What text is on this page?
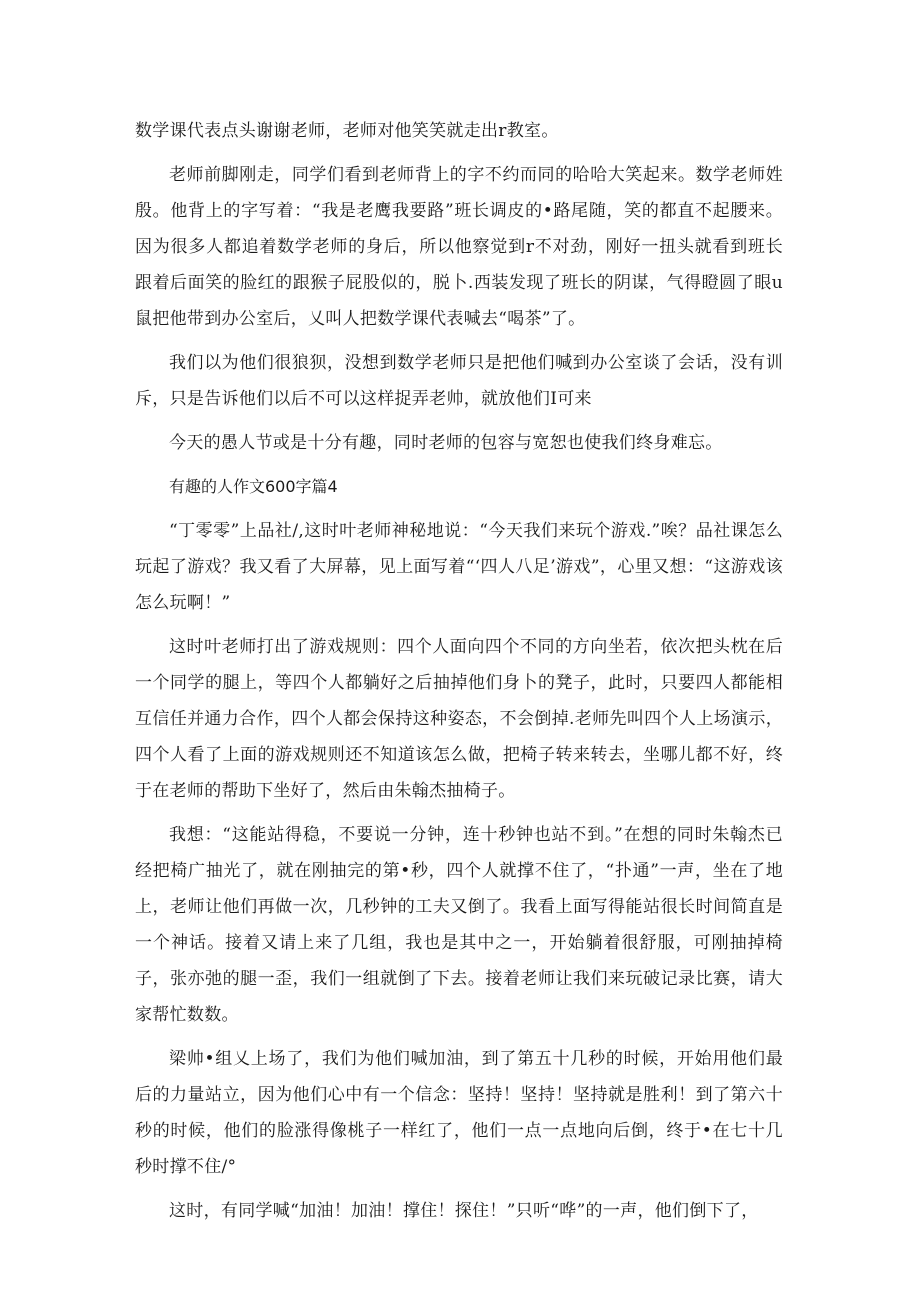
数学课代表点头谢谢老师，老师对他笑笑就走出r教室。

老师前脚刚走，同学们看到老师背上的字不约而同的哈哈大笑起来。数学老师姓殷。他背上的字写着：“我是老鹰我要路”班长调皮的•路尾随，笑的都直不起腰来。因为很多人都追着数学老师的身后，所以他察觉到r不对劲，刚好一扭头就看到班长跟着后面笑的脸红的跟猴子屁股似的，脱卜.西装发现了班长的阴谋，气得瞪圆了眼u鼠把他带到办公室后，乂叫人把数学课代表喊去“喝茶”了。

我们以为他们很狼狈，没想到数学老师只是把他们喊到办公室谈了会话，没有训斥，只是告诉他们以后不可以这样捉弄老帅，就放他们I可来

今天的愚人节或是十分有趣，同时老师的包容与宽恕也使我们终身难忘。

有趣的人作文600字篇4

“丁零零”上品社/,这时叶老师神秘地说：“今天我们来玩个游戏.”唉？品社课怎么玩起了游戏？我又看了大屏幕，见上面写着“‘四人八足’游戏”，心里又想：“这游戏该怎么玩啊！”

这时叶老师打出了游戏规则：四个人面向四个不同的方向坐若，依次把头枕在后一个同学的腿上，等四个人都躺好之后抽掉他们身卜的凳子，此时，只要四人都能相互信任并通力合作，四个人都会保持这种姿态，不会倒掉.老师先叫四个人上场演示，四个人看了上面的游戏规则还不知道该怎么做，把椅子转来转去，坐哪儿都不好，终于在老师的帮助下坐好了，然后由朱翰杰抽椅子。

我想：“这能站得稳，不要说一分钟，连十秒钟也站不到。”在想的同时朱翰杰已经把椅广抽光了，就在刚抽完的第•秒，四个人就撑不住了，“扑通”一声，坐在了地上，老师让他们再做一次，几秒钟的工夫又倒了。我看上面写得能站很长时间简直是一个神话。接着又请上来了几组，我也是其中之一，开始躺着很舒服，可刚抽掉椅子，张亦弛的腿一歪，我们一组就倒了下去。接着老师让我们来玩破记录比赛，请大家帮忙数数。

梁帅•组乂上场了，我们为他们喊加油，到了第五十几秒的时候，开始用他们最后的力量站立，因为他们心中有一个信念：坚持！坚持！坚持就是胜利！到了第六十秒的时候，他们的脸涨得像桃子一样红了，他们一点一点地向后倒，终于•在七十几秒时撑不住/°

这时，有同学喊“加油！加油！撑住！探住！”只听“哗”的一声，他们倒下了，
